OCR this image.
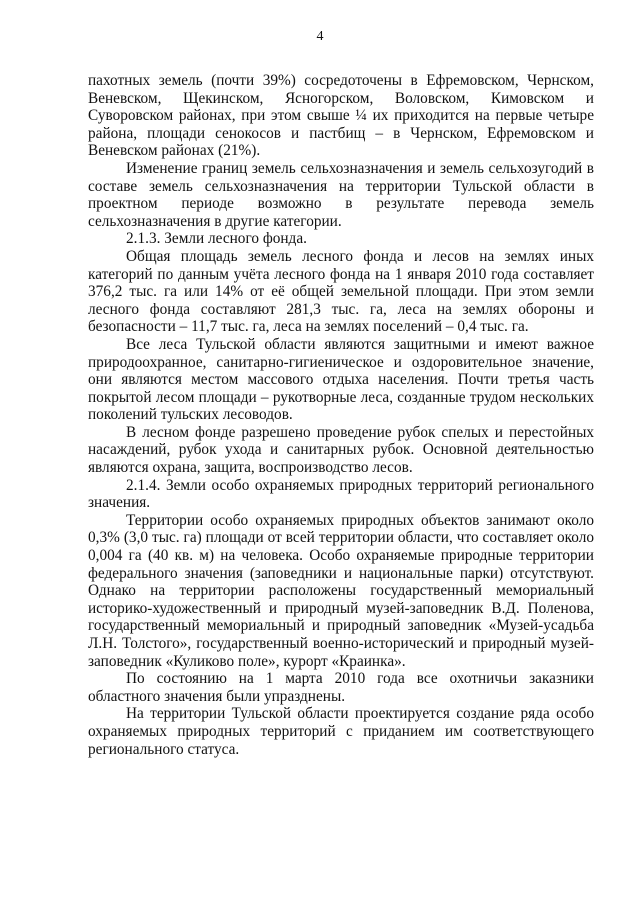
4

пахотных земель (почти 39%) сосредоточены в Ефремовском, Чернском, Веневском, Щекинском, Ясногорском, Воловском, Кимовском и Суворовском районах, при этом свыше ¼ их приходится на первые четыре района, площади сенокосов и пастбищ – в Чернском, Ефремовском и Веневском районах (21%).

Изменение границ земель сельхозназначения и земель сельхозугодий в составе земель сельхозназначения на территории Тульской области в проектном периоде возможно в результате перевода земель сельхозназначения в другие категории.

2.1.3. Земли лесного фонда.

Общая площадь земель лесного фонда и лесов на землях иных категорий по данным учёта лесного фонда на 1 января 2010 года составляет 376,2 тыс. га или 14% от её общей земельной площади. При этом земли лесного фонда составляют 281,3 тыс. га, леса на землях обороны и безопасности – 11,7 тыс. га, леса на землях поселений – 0,4 тыс. га.

Все леса Тульской области являются защитными и имеют важное природоохранное, санитарно-гигиеническое и оздоровительное значение, они являются местом массового отдыха населения. Почти третья часть покрытой лесом площади – рукотворные леса, созданные трудом нескольких поколений тульских лесоводов.

В лесном фонде разрешено проведение рубок спелых и перестойных насаждений, рубок ухода и санитарных рубок. Основной деятельностью являются охрана, защита, воспроизводство лесов.

2.1.4. Земли особо охраняемых природных территорий регионального значения.

Территории особо охраняемых природных объектов занимают около 0,3% (3,0 тыс. га) площади от всей территории области, что составляет около 0,004 га (40 кв. м) на человека. Особо охраняемые природные территории федерального значения (заповедники и национальные парки) отсутствуют. Однако на территории расположены государственный мемориальный историко-художественный и природный музей-заповедник В.Д. Поленова, государственный мемориальный и природный заповедник «Музей-усадьба Л.Н. Толстого», государственный военно-исторический и природный музей-заповедник «Куликово поле», курорт «Краинка».

По состоянию на 1 марта 2010 года все охотничьи заказники областного значения были упразднены.

На территории Тульской области проектируется создание ряда особо охраняемых природных территорий с приданием им соответствующего регионального статуса.
